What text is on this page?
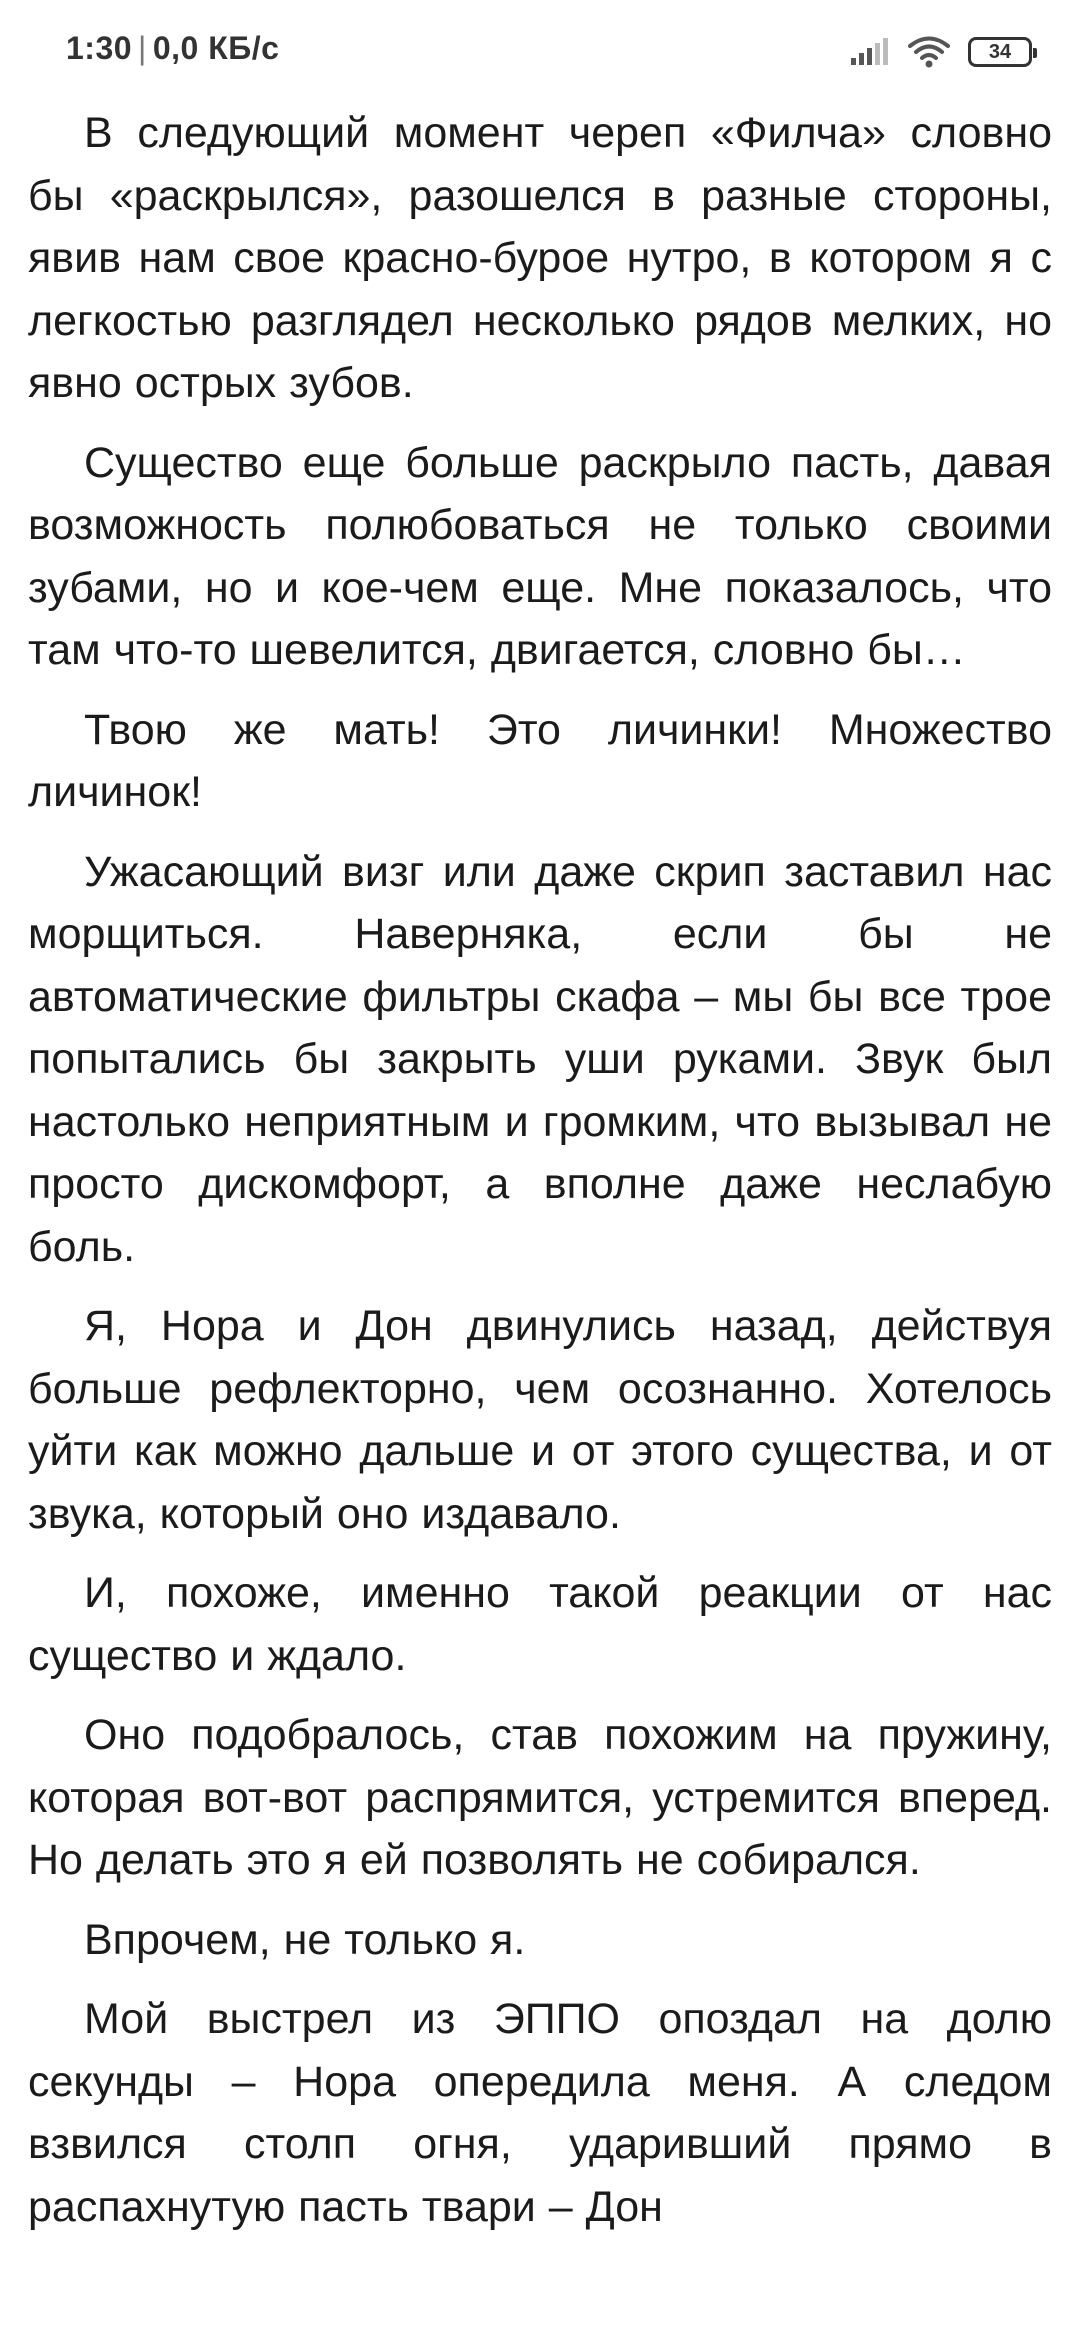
1:30 | 0,0 КБ/с	34

В следующий момент череп «Филча» словно бы «раскрылся», разошелся в разные стороны, явив нам свое красно-бурое нутро, в котором я с легкостью разглядел несколько рядов мелких, но явно острых зубов.

Существо еще больше раскрыло пасть, давая возможность полюбоваться не только своими зубами, но и кое-чем еще. Мне показалось, что там что-то шевелится, двигается, словно бы…

Твою же мать! Это личинки! Множество личинок!

Ужасающий визг или даже скрип заставил нас морщиться. Наверняка, если бы не автоматические фильтры скафа – мы бы все трое попытались бы закрыть уши руками. Звук был настолько неприятным и громким, что вызывал не просто дискомфорт, а вполне даже неслабую боль.

Я, Нора и Дон двинулись назад, действуя больше рефлекторно, чем осознанно. Хотелось уйти как можно дальше и от этого существа, и от звука, который оно издавало.

И, похоже, именно такой реакции от нас существо и ждало.

Оно подобралось, став похожим на пружину, которая вот-вот распрямится, устремится вперед. Но делать это я ей позволять не собирался.

Впрочем, не только я.

Мой выстрел из ЭППО опоздал на долю секунды – Нора опередила меня. А следом взвился столп огня, ударивший прямо в распахнутую пасть твари – Дон
